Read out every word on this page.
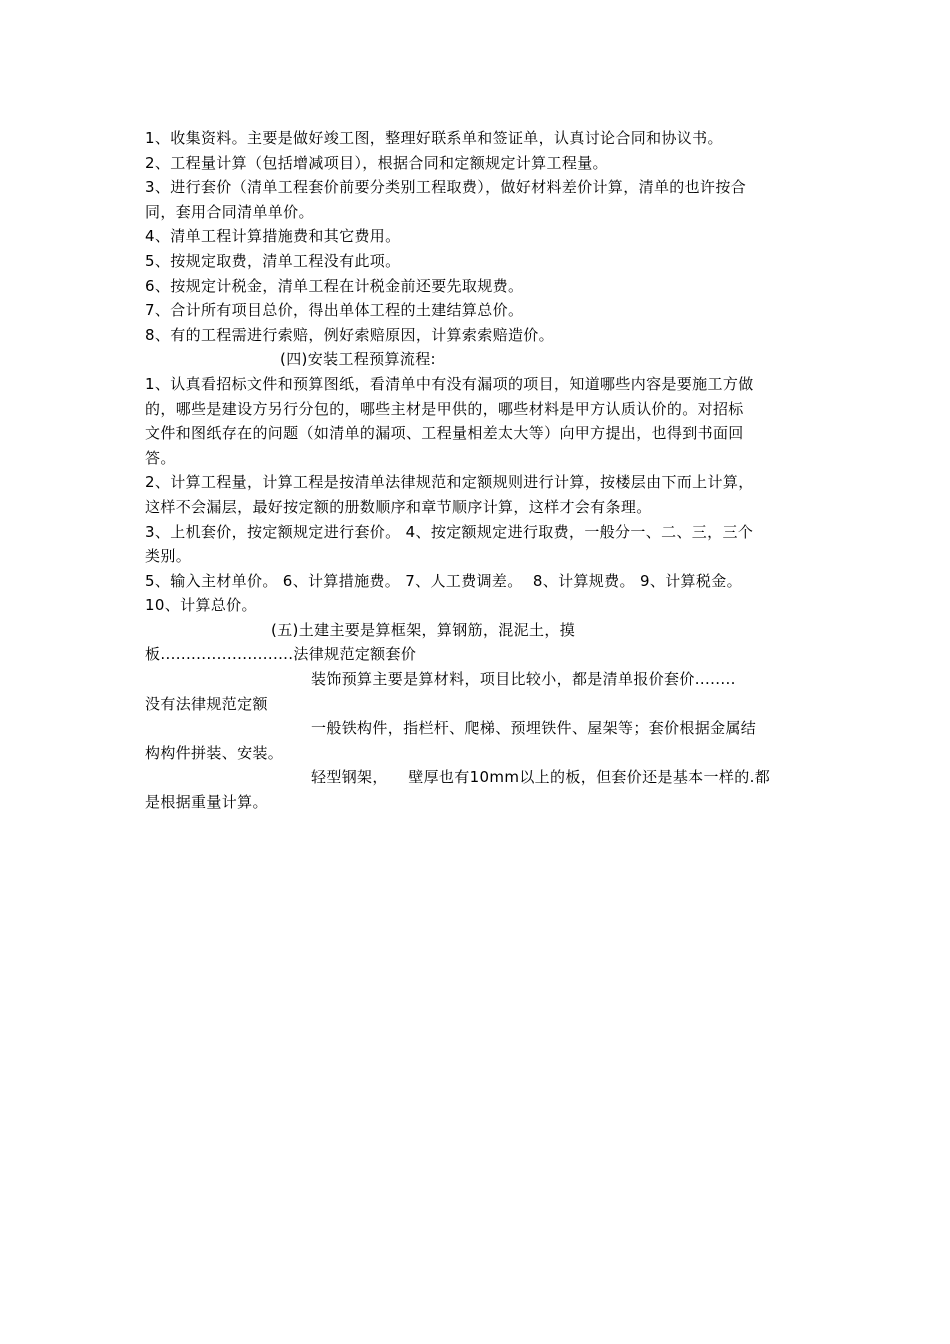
1、收集资料。主要是做好竣工图，整理好联系单和签证单，认真讨论合同和协议书。
2、工程量计算（包括增减项目），根据合同和定额规定计算工程量。
3、进行套价（清单工程套价前要分类别工程取费），做好材料差价计算，清单的也许按合
同，套用合同清单单价。
4、清单工程计算措施费和其它费用。
5、按规定取费，清单工程没有此项。
6、按规定计税金，清单工程在计税金前还要先取规费。
7、合计所有项目总价，得出单体工程的土建结算总价。
8、有的工程需进行索赔，例好索赔原因，计算索索赔造价。
(四)安装工程预算流程:
1、认真看招标文件和预算图纸，看清单中有没有漏项的项目，知道哪些内容是要施工方做
的，哪些是建设方另行分包的，哪些主材是甲供的，哪些材料是甲方认质认价的。对招标
文件和图纸存在的问题（如清单的漏项、工程量相差太大等）向甲方提出，也得到书面回
答。
2、计算工程量，计算工程是按清单法律规范和定额规则进行计算，按楼层由下而上计算，
这样不会漏层，最好按定额的册数顺序和章节顺序计算，这样才会有条理。
3、上机套价，按定额规定进行套价。 4、按定额规定进行取费，一般分一、二、三，三个
类别。
5、输入主材单价。 6、计算措施费。 7、人工费调差。  8、计算规费。 9、计算税金。
10、计算总价。
(五)土建主要是算框架，算钢筋，混泥土，摸
板..........................法律规范定额套价
装饰预算主要是算材料，项目比较小，都是清单报价套价........
没有法律规范定额
一般铁构件，指栏杆、爬梯、预埋铁件、屋架等；套价根据金属结
构构件拼装、安装。
轻型钢架，    壁厚也有10mm以上的板，但套价还是基本一样的.都
是根据重量计算。
